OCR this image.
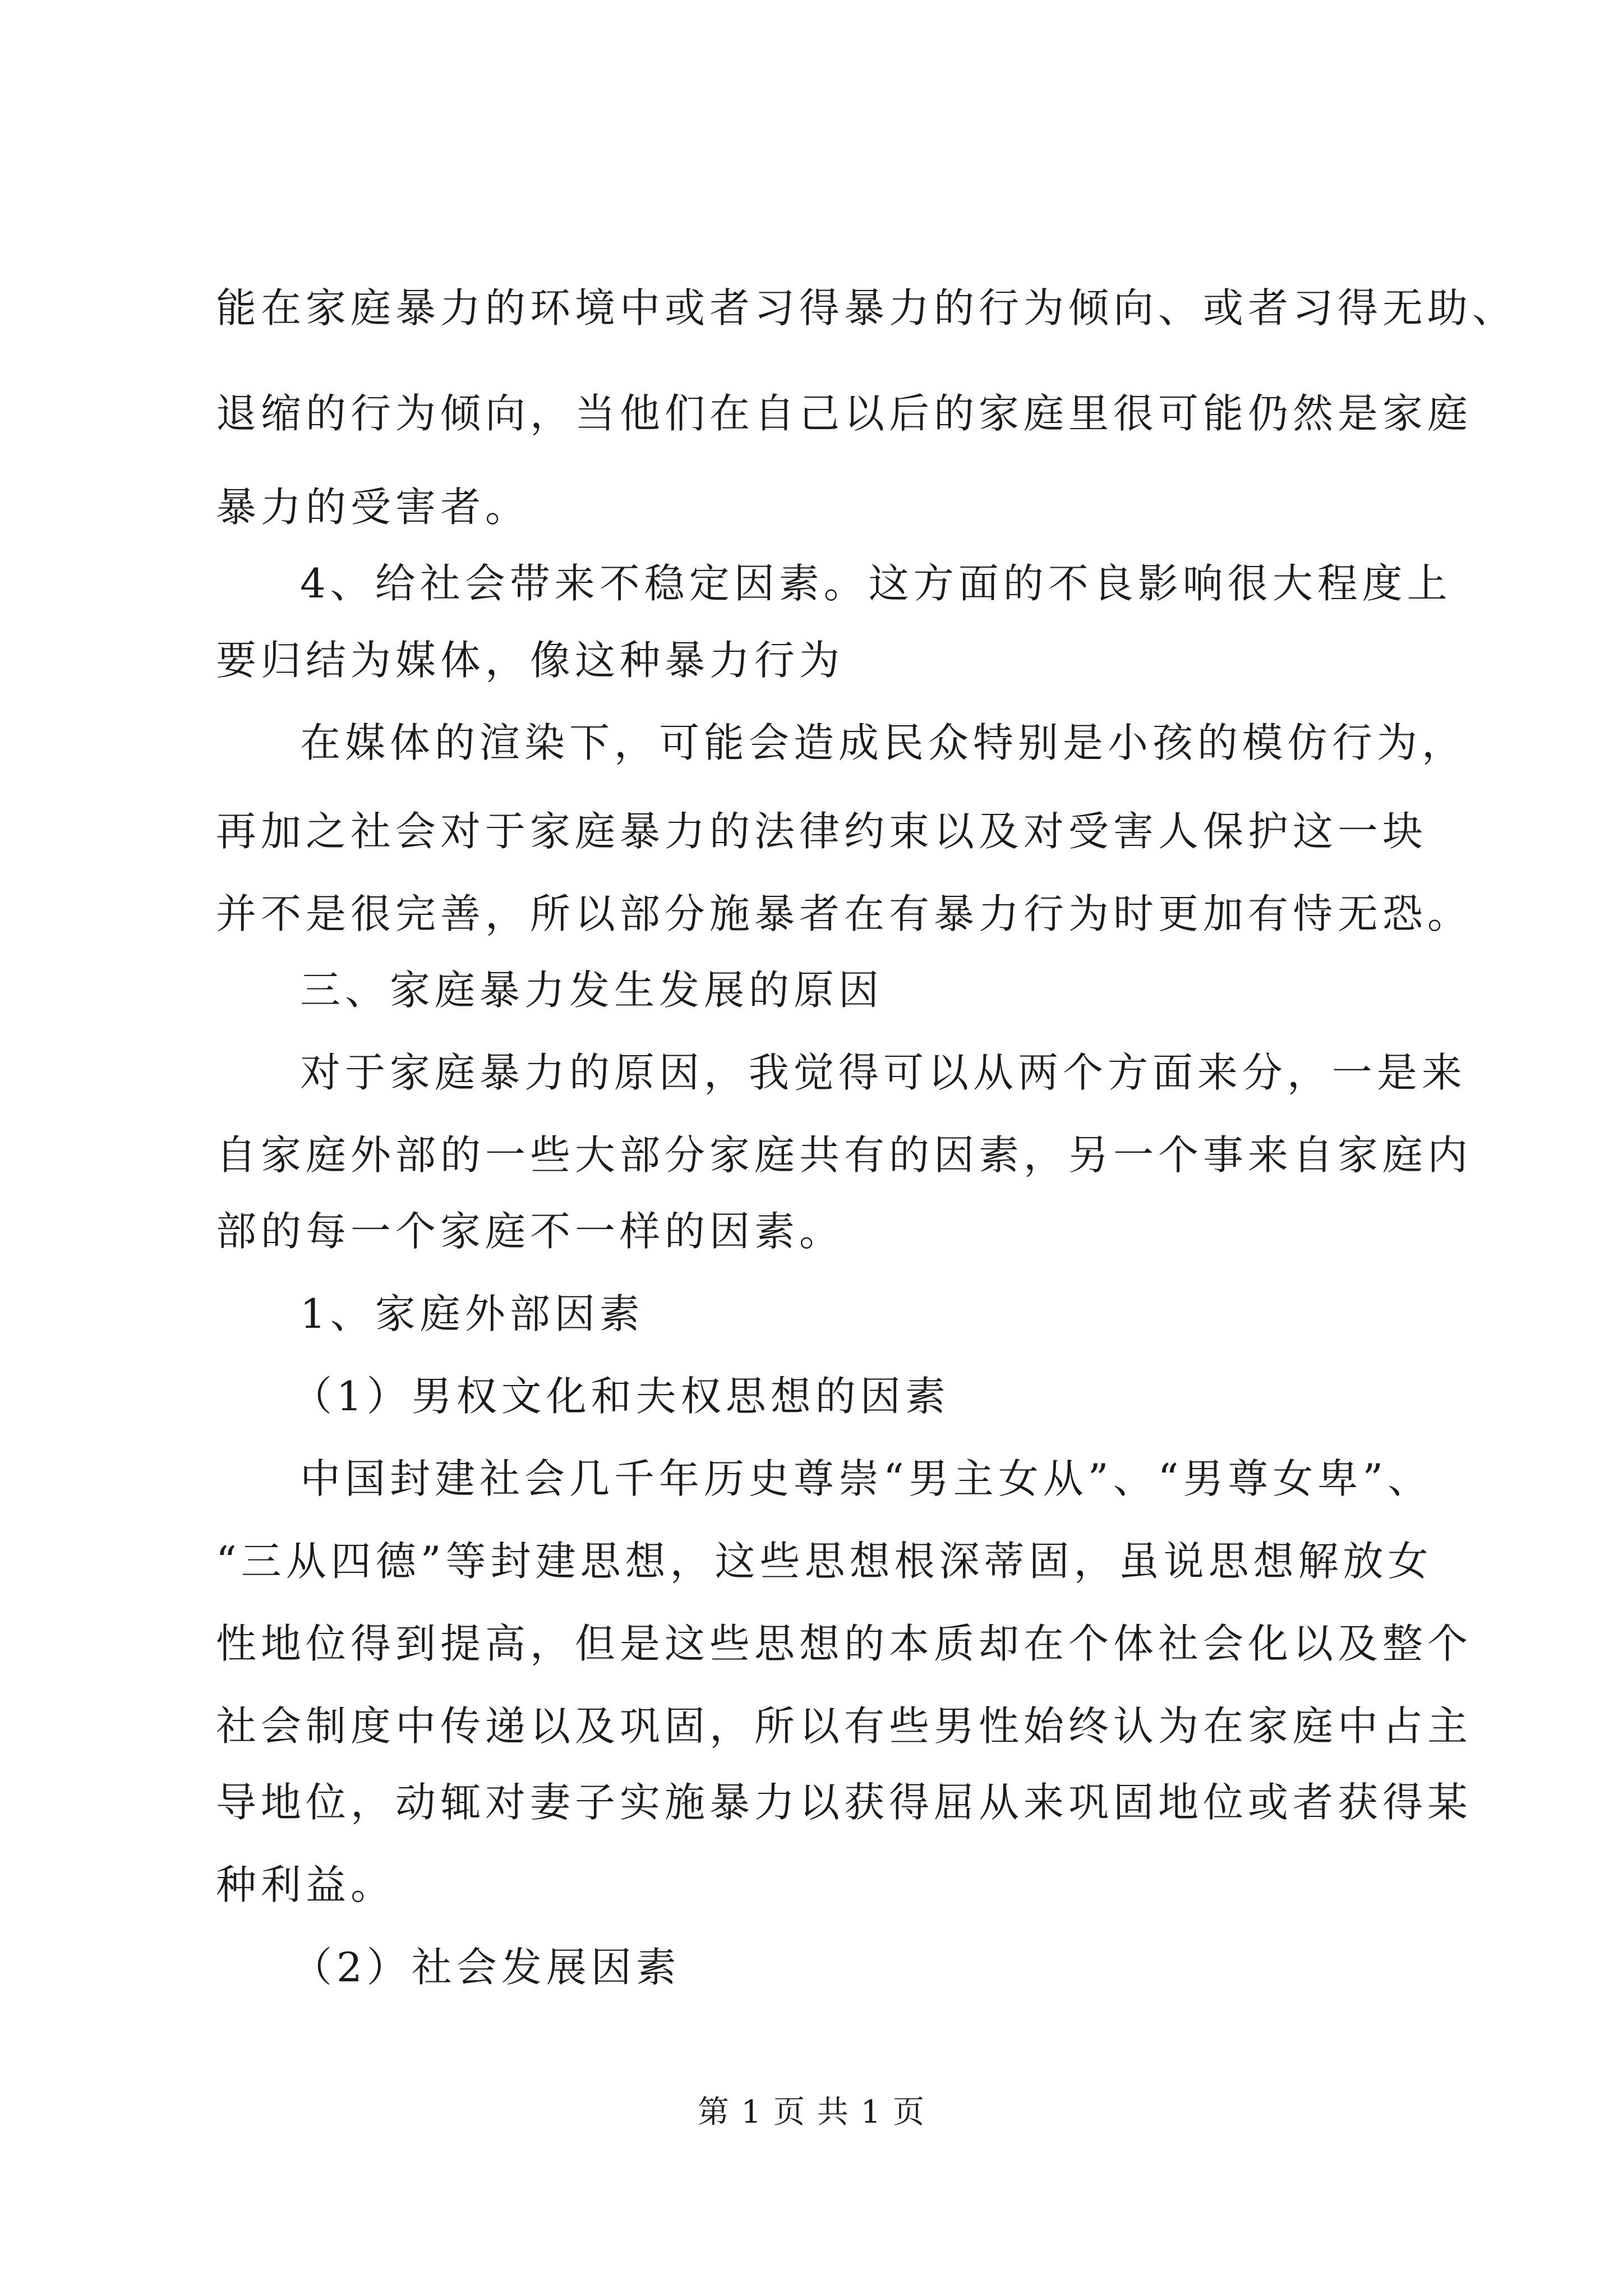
能在家庭暴力的环境中或者习得暴力的行为倾向、或者习得无助、
退缩的行为倾向，当他们在自己以后的家庭里很可能仍然是家庭
暴力的受害者。
4、给社会带来不稳定因素。这方面的不良影响很大程度上
要归结为媒体，像这种暴力行为
在媒体的渲染下，可能会造成民众特别是小孩的模仿行为，
再加之社会对于家庭暴力的法律约束以及对受害人保护这一块
并不是很完善，所以部分施暴者在有暴力行为时更加有恃无恐。
三、家庭暴力发生发展的原因
对于家庭暴力的原因，我觉得可以从两个方面来分，一是来
自家庭外部的一些大部分家庭共有的因素，另一个事来自家庭内
部的每一个家庭不一样的因素。
1、家庭外部因素
（1）男权文化和夫权思想的因素
中国封建社会几千年历史尊崇“男主女从”、“男尊女卑”、
“三从四德”等封建思想，这些思想根深蒂固，虽说思想解放女
性地位得到提高，但是这些思想的本质却在个体社会化以及整个
社会制度中传递以及巩固，所以有些男性始终认为在家庭中占主
导地位，动辄对妻子实施暴力以获得屈从来巩固地位或者获得某
种利益。
（2）社会发展因素
第 1 页 共 1 页
